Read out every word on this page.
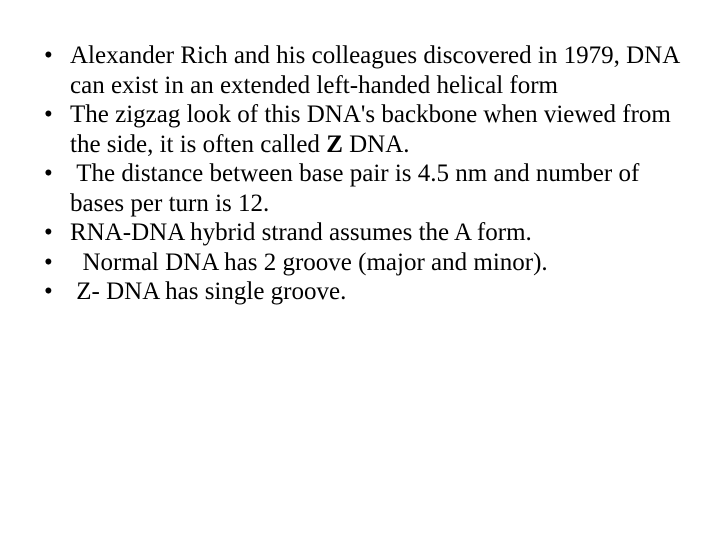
• Alexander Rich and his colleagues discovered in 1979, DNA can exist in an extended left-handed helical form
• The zigzag look of this DNA's backbone when viewed from the side, it is often called Z DNA.
• The distance between base pair is 4.5 nm and number of bases per turn is 12.
• RNA-DNA hybrid strand assumes the A form.
• Normal DNA has 2 groove (major and minor).
• Z- DNA has single groove.
